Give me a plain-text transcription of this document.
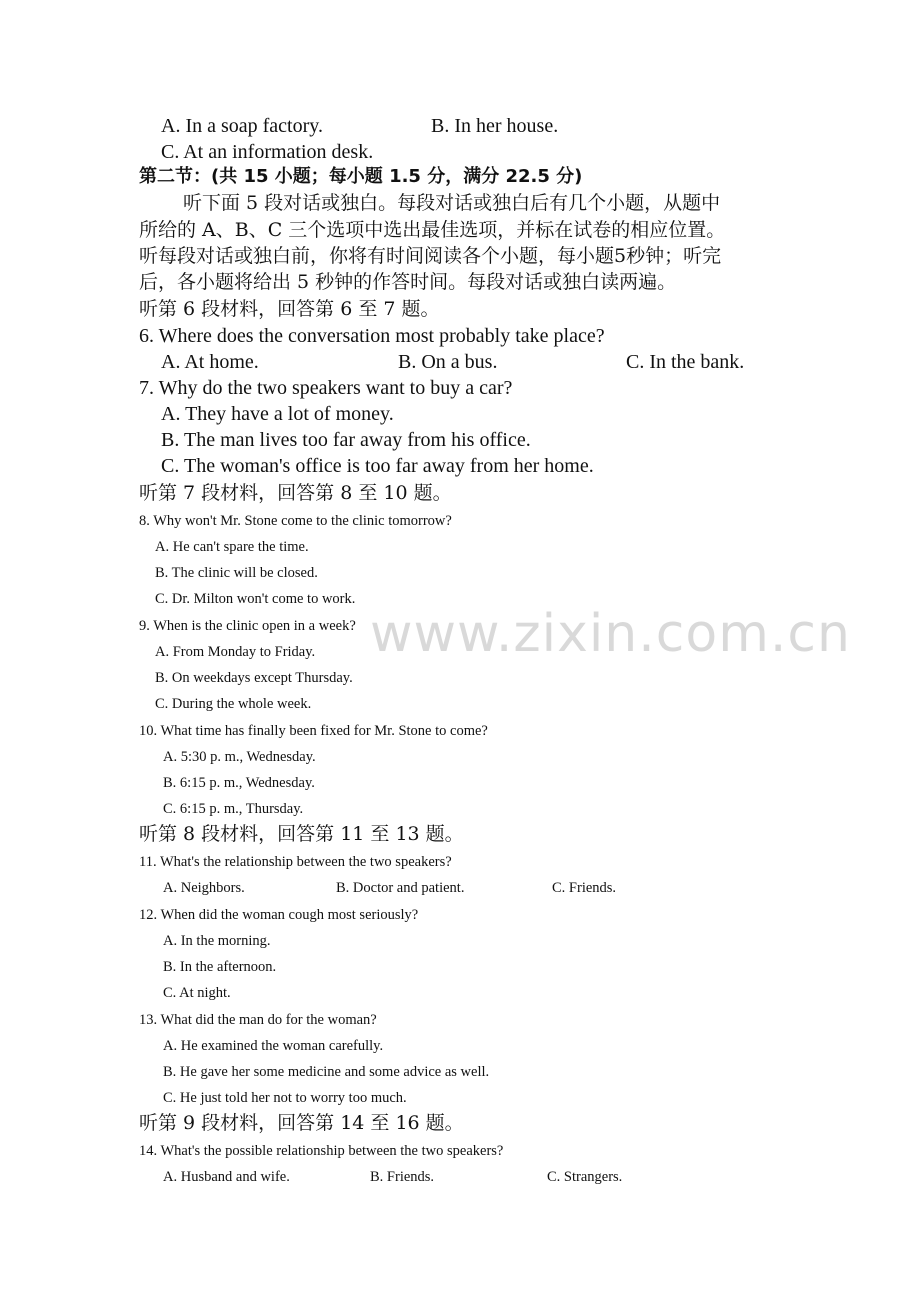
www.zixin.com.cn
A. In a soap factory.	B. In her house.
C. At an information desk.
第二节：(共 15 小题；每小题 1.5 分，满分 22.5 分)
听下面 5 段对话或独白。每段对话或独白后有几个小题，从题中
所给的 A、B、C 三个选项中选出最佳选项，并标在试卷的相应位置。
听每段对话或独白前，你将有时间阅读各个小题，每小题5秒钟；听完
后，各小题将给出 5 秒钟的作答时间。每段对话或独白读两遍。
听第 6 段材料，回答第 6 至 7 题。
6. Where does the conversation most probably take place?
A. At home.	B. On a bus.	C. In the bank.
7. Why do the two speakers want to buy a car?
A. They have a lot of money.
B. The man lives too far away from his office.
C. The woman's office is too far away from her home.
听第 7 段材料，回答第 8 至 10 题。
8. Why won't Mr. Stone come to the clinic tomorrow?
A. He can't spare the time.
B. The clinic will be closed.
C. Dr. Milton won't come to work.
9. When is the clinic open in a week?
A. From Monday to Friday.
B. On weekdays except Thursday.
C. During the whole week.
10. What time has finally been fixed for Mr. Stone to come?
A. 5:30 p. m., Wednesday.
B. 6:15 p. m., Wednesday.
C. 6:15 p. m., Thursday.
听第 8 段材料，回答第 11 至 13 题。
11. What's the relationship between the two speakers?
A. Neighbors.	B. Doctor and patient.	C. Friends.
12. When did the woman cough most seriously?
A. In the morning.
B. In the afternoon.
C. At night.
13. What did the man do for the woman?
A. He examined the woman carefully.
B. He gave her some medicine and some advice as well.
C. He just told her not to worry too much.
听第 9 段材料，回答第 14 至 16 题。
14. What's the possible relationship between the two speakers?
A. Husband and wife.	B. Friends.	C. Strangers.
